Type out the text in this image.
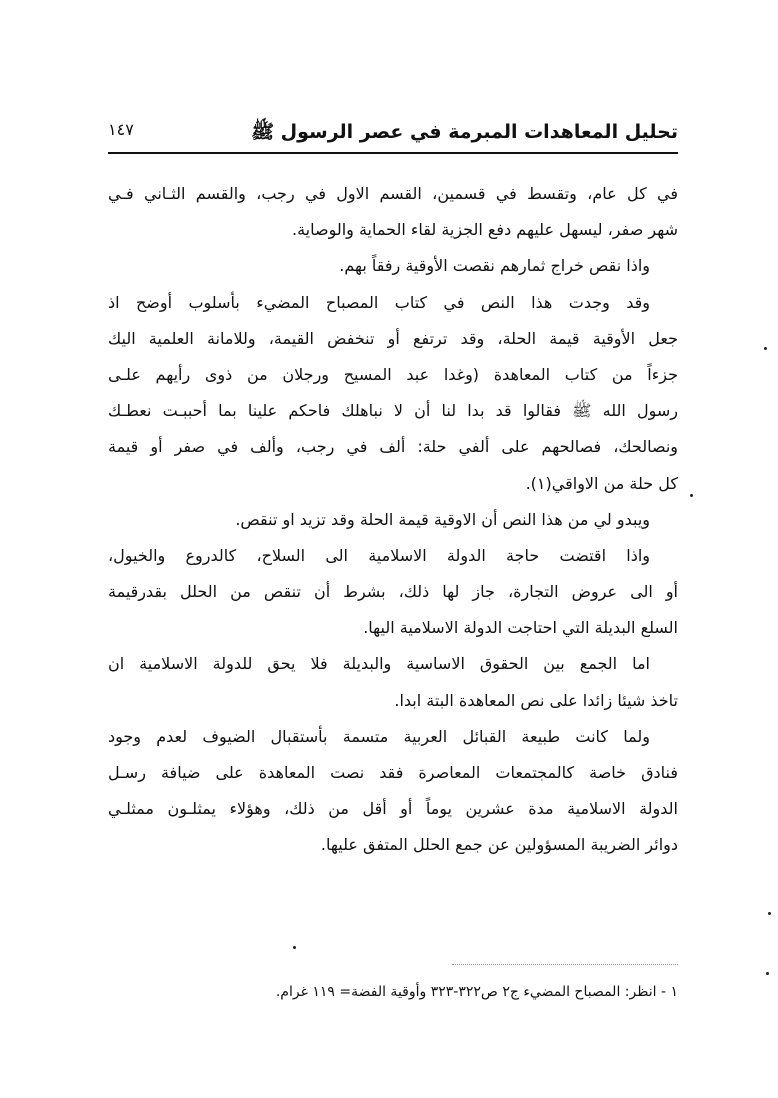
تحليل المعاهدات المبرمة في عصر الرسول ﷺ
١٤٧
في كل عام، وتقسط في قسمين، القسم الاول في رجب، والقسم الثـاني فـي
شهر صفر، ليسهل عليهم دفع الجزية لقاء الحماية والوصاية.
واذا نقص خراج ثمارهم نقصت الأوقية رفقاً بهم.
وقد وجدت هذا النص في كتاب المصباح المضيء بأسلوب أوضح اذ
جعل الأوقية قيمة الحلة، وقد ترتفع أو تنخفض القيمة، وللامانة العلمية اليك
جزءاً من كتاب المعاهدة (وغدا عبد المسيح ورجلان من ذوى رأيهم علـى
رسول الله ﷺ فقالوا قد بدا لنا أن لا نباهلك فاحكم علينا بما أحببـت نعطـك
ونصالحك، فصالحهم على ألفي حلة: ألف في رجب، وألف في صفر أو قيمة
كل حلة من الاواقي(١).
ويبدو لي من هذا النص أن الاوقية قيمة الحلة وقد تزيد او تنقص.
واذا اقتضت حاجة الدولة الاسلامية الى السلاح، كالدروع والخيول،
أو الى عروض التجارة، جاز لها ذلك، بشرط أن تنقص من الحلل بقدرقيمة
السلع البديلة التي احتاجت الدولة الاسلامية اليها.
اما الجمع بين الحقوق الاساسية والبديلة فلا يحق للدولة الاسلامية ان
تاخذ شيئا زائدا على نص المعاهدة البتة ابدا.
ولما كانت طبيعة القبائل العربية متسمة بأستقبال الضيوف لعدم وجود
فنادق خاصة كالمجتمعات المعاصرة فقد نصت المعاهدة على ضيافة رسـل
الدولة الاسلامية مدة عشرين يوماً أو أقل من ذلك، وهؤلاء يمثلـون ممثلـي
دوائر الضريبة المسؤولين عن جمع الحلل المتفق عليها.
١ - انظر: المصباح المضيء ج٢ ص٣٢٢-٣٢٣ وأوقية الفضة= ١١٩ غرام.
